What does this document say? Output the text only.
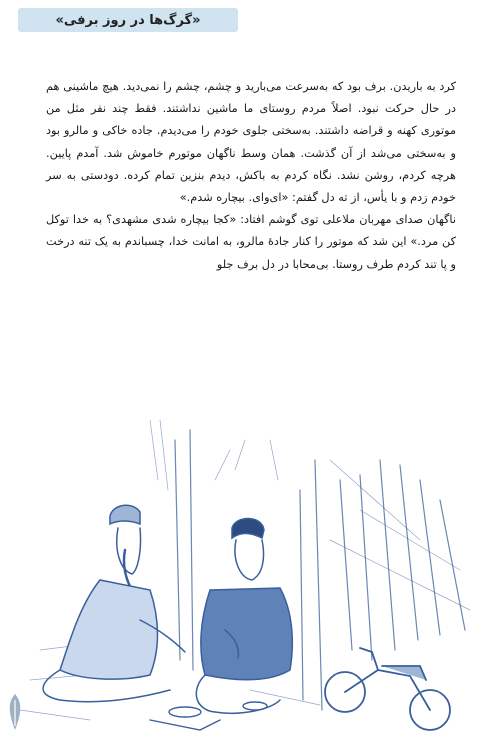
«گرگ‌ها در روز برفی»

کرد به باریدن. برف بود که به‌سرعت می‌بارید و چشم، چشم را نمی‌دید. هیچ ماشینی هم در حال حرکت نبود. اصلاً مردم روستای ما ماشین نداشتند. فقط چند نفر مثل من موتوری کهنه و قراضه داشتند. به‌سختی جلوی خودم را می‌دیدم. جاده خاکی و مالرو بود و به‌سختی می‌شد از آن گذشت. همان وسط ناگهان موتورم خاموش شد. آمدم پایین. هرچه کردم، روشن نشد. نگاه کردم به باکش، دیدم بنزین تمام کرده. دودستی به سر خودم زدم و با یأس، از ته دل گفتم: «ای‌وای. بیچاره شدم.»

ناگهان صدای مهربان ملاعلی توی گوشم افتاد: «کجا بیچاره شدی مشهدی؟ به خدا توکل کن مرد.» این شد که موتور را کنار جادهٔ مالرو، به امانت خدا، چسباندم به یک تنه درخت و پا تند کردم طرف روستا. بی‌محابا در دل برف جلو
